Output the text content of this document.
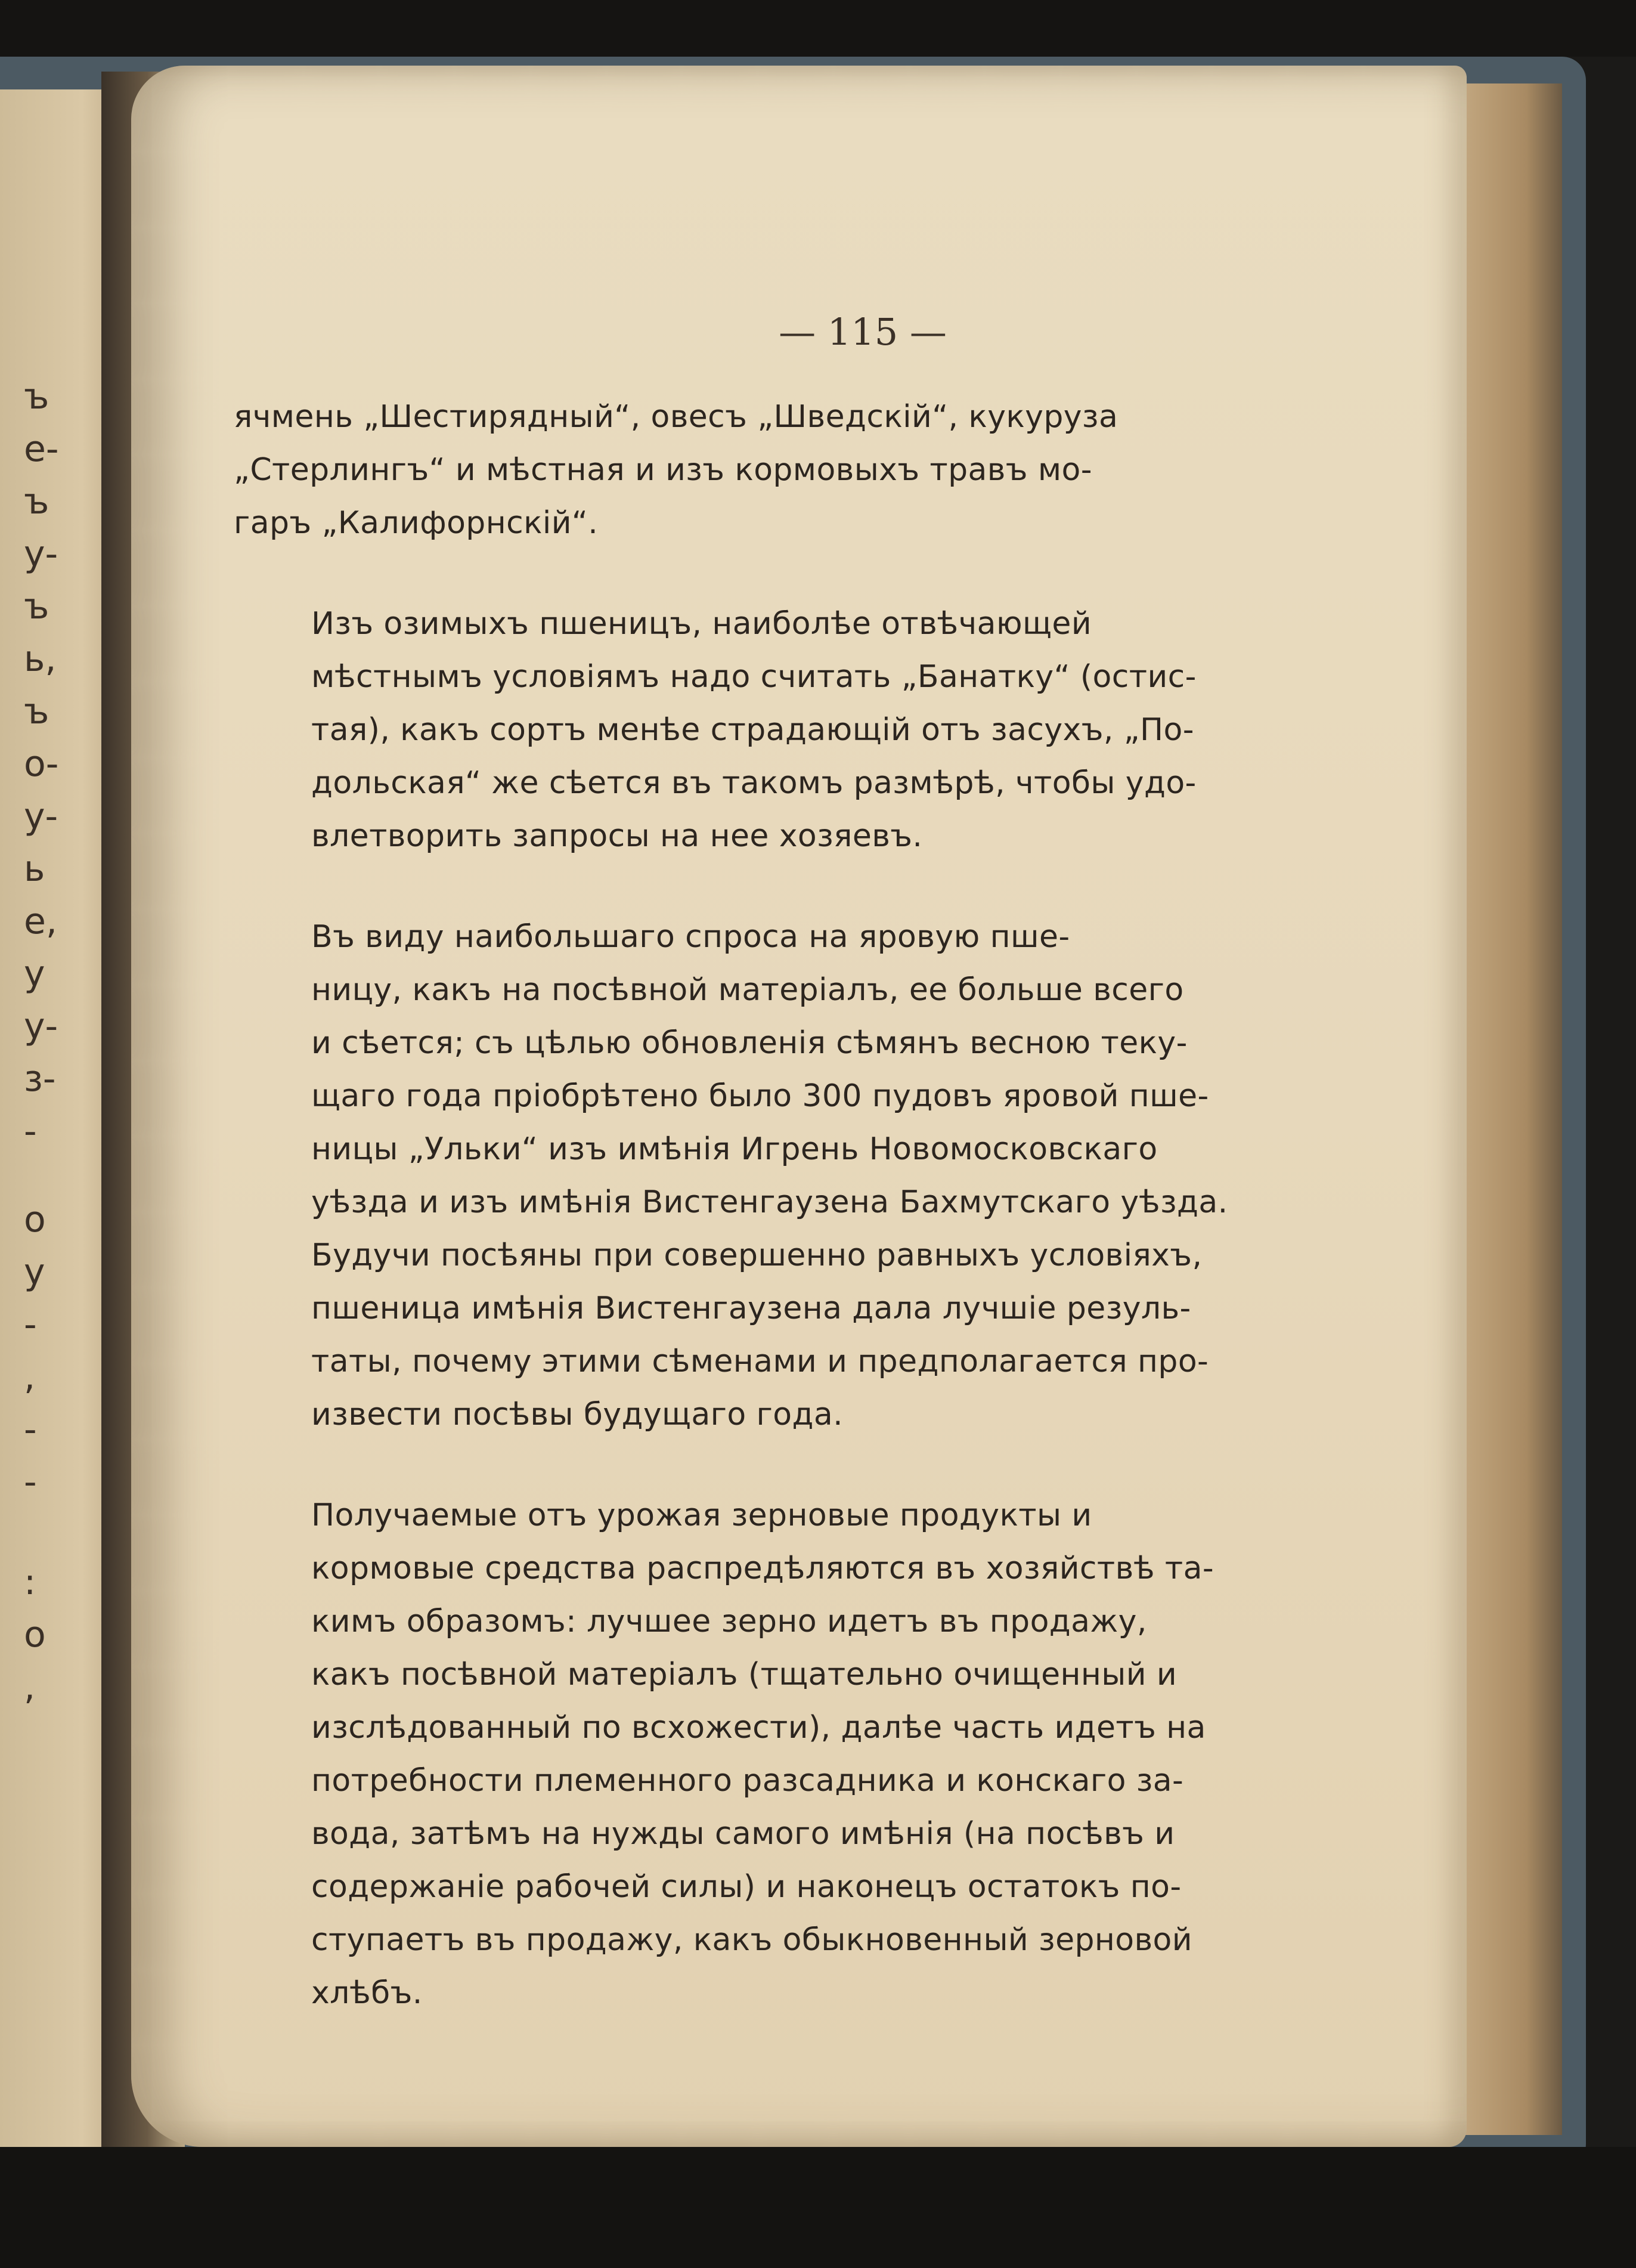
ъ
е-
ъ
у-
ъ
ь,
ъ
о-
у-
ь
е,
у
у-
з-
-
о
у
-
,
-
-
:
о
,
— 115 —

ячмень „Шестирядный“, овесъ „Шведскій“, кукуруза
„Стерлингъ“ и мѣстная и изъ кормовыхъ травъ мо-
гаръ „Калифорнскій“.

Изъ озимыхъ пшеницъ, наиболѣе отвѣчающей
мѣстнымъ условіямъ надо считать „Банатку“ (остис-
тая), какъ сортъ менѣе страдающій отъ засухъ, „По-
дольская“ же сѣется въ такомъ размѣрѣ, чтобы удо-
влетворить запросы на нее хозяевъ.

Въ виду наибольшаго спроса на яровую пше-
ницу, какъ на посѣвной матеріалъ, ее больше всего
и сѣется; съ цѣлью обновленія сѣмянъ весною теку-
щаго года пріобрѣтено было 300 пудовъ яровой пше-
ницы „Ульки“ изъ имѣнія Игрень Новомосковскаго
уѣзда и изъ имѣнія Вистенгаузена Бахмутскаго уѣзда.
Будучи посѣяны при совершенно равныхъ условіяхъ,
пшеница имѣнія Вистенгаузена дала лучшіе резуль-
таты, почему этими сѣменами и предполагается про-
извести посѣвы будущаго года.

Получаемые отъ урожая зерновые продукты и
кормовые средства распредѣляются въ хозяйствѣ та-
кимъ образомъ: лучшее зерно идетъ въ продажу,
какъ посѣвной матеріалъ (тщательно очищенный и
изслѣдованный по всхожести), далѣе часть идетъ на
потребности племенного разсадника и конскаго за-
вода, затѣмъ на нужды самого имѣнія (на посѣвъ и
содержаніе рабочей силы) и наконецъ остатокъ по-
ступаетъ въ продажу, какъ обыкновенный зерновой
хлѣбъ.
